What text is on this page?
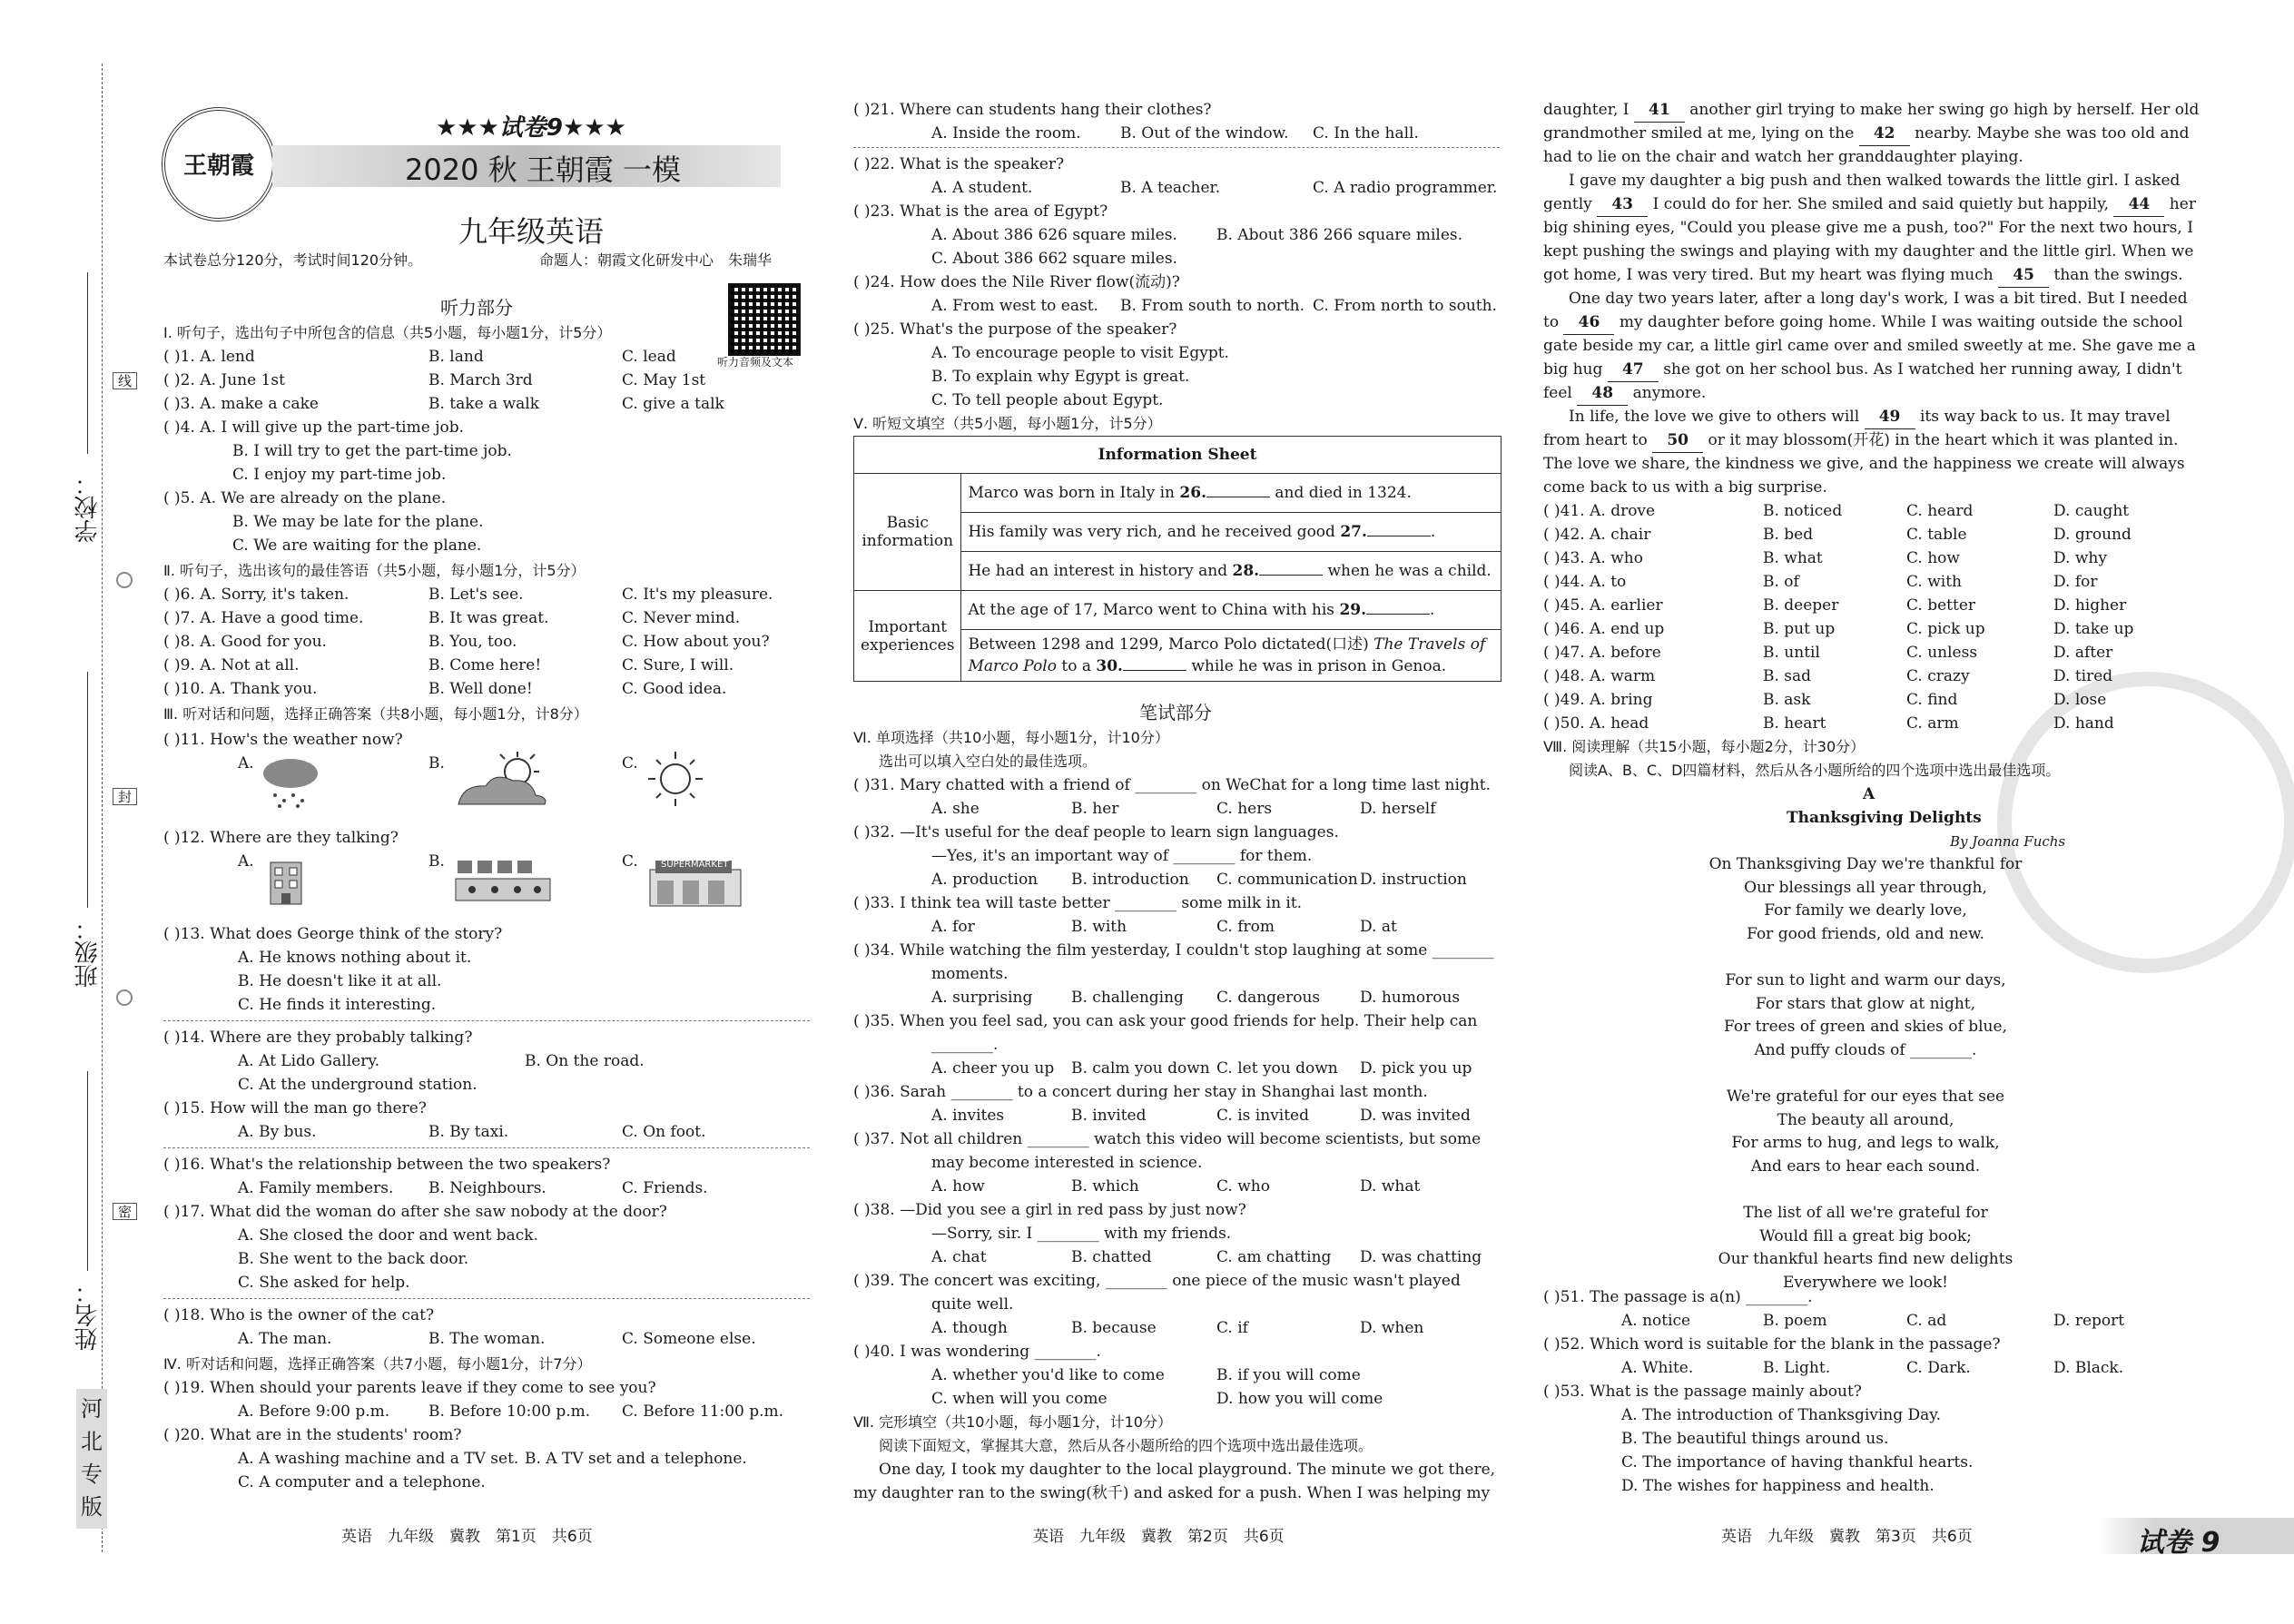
学校：
班级：
姓名：
线
封
密
河
北
专
版
王朝霞
★★★试卷9★★★
2020 秋 王朝霞 一模
九年级英语
本试卷总分120分，考试时间120分钟。	命题人：朝霞文化研发中心　朱瑞华
听力音频及文本
听力部分
Ⅰ. 听句子，选出句子中所包含的信息（共5小题，每小题1分，计5分）
( )1. A. lend	B. land	C. lead
( )2. A. June 1st	B. March 3rd	C. May 1st
( )3. A. make a cake	B. take a walk	C. give a talk
( )4. A. I will give up the part-time job.
B. I will try to get the part-time job.
C. I enjoy my part-time job.
( )5. A. We are already on the plane.
B. We may be late for the plane.
C. We are waiting for the plane.
Ⅱ. 听句子，选出该句的最佳答语（共5小题，每小题1分，计5分）
( )6. A. Sorry, it's taken.	B. Let's see.	C. It's my pleasure.
( )7. A. Have a good time.	B. It was great.	C. Never mind.
( )8. A. Good for you.	B. You, too.	C. How about you?
( )9. A. Not at all.	B. Come here!	C. Sure, I will.
( )10. A. Thank you.	B. Well done!	C. Good idea.
Ⅲ. 听对话和问题，选择正确答案（共8小题，每小题1分，计8分）
( )11. How's the weather now?
A.	B.	C.
( )12. Where are they talking?
A.	B.	C.	SUPERMARKET
( )13. What does George think of the story?
A. He knows nothing about it.
B. He doesn't like it at all.
C. He finds it interesting.
( )14. Where are they probably talking?
A. At Lido Gallery.	B. On the road.
C. At the underground station.
( )15. How will the man go there?
A. By bus.	B. By taxi.	C. On foot.
( )16. What's the relationship between the two speakers?
A. Family members. B. Neighbours.	C. Friends.
( )17. What did the woman do after she saw nobody at the door?
A. She closed the door and went back.
B. She went to the back door.
C. She asked for help.
( )18. Who is the owner of the cat?
A. The man.	B. The woman.	C. Someone else.
Ⅳ. 听对话和问题，选择正确答案（共7小题，每小题1分，计7分）
( )19. When should your parents leave if they come to see you?
A. Before 9:00 p.m.	B. Before 10:00 p.m. C. Before 11:00 p.m.
( )20. What are in the students' room?
A. A washing machine and a TV set. B. A TV set and a telephone.
C. A computer and a telephone.
英语　九年级　冀教　第1页　共6页
( )21. Where can students hang their clothes?
A. Inside the room.	B. Out of the window. C. In the hall.
( )22. What is the speaker?
A. A student.	B. A teacher.	C. A radio programmer.
( )23. What is the area of Egypt?
A. About 386 626 square miles.	B. About 386 266 square miles.
C. About 386 662 square miles.
( )24. How does the Nile River flow(流动)?
A. From west to east. B. From south to north. C. From north to south.
( )25. What's the purpose of the speaker?
A. To encourage people to visit Egypt.
B. To explain why Egypt is great.
C. To tell people about Egypt.
Ⅴ. 听短文填空（共5小题，每小题1分，计5分）
Information Sheet	
Basic information	Marco was born in Italy in 26. and died in 1324.
	His family was very rich, and he received good 27. .
	He had an interest in history and 28. when he was a child.
Important experiences	At the age of 17, Marco went to China with his 29. .
	Between 1298 and 1299, Marco Polo dictated(口述) The Travels of Marco Polo to a 30. while he was in prison in Genoa.
笔试部分
Ⅵ. 单项选择（共10小题，每小题1分，计10分）
选出可以填入空白处的最佳选项。
( )31. Mary chatted with a friend of ________ on WeChat for a long time last night.
A. she	B. her	C. hers	D. herself
( )32. —It's useful for the deaf people to learn sign languages.
—Yes, it's an important way of ________ for them.
A. production B. introduction C. communication D. instruction
( )33. I think tea will taste better ________ some milk in it.
A. for	B. with	C. from	D. at
( )34. While watching the film yesterday, I couldn't stop laughing at some ________
moments.
A. surprising	B. challenging C. dangerous	D. humorous
( )35. When you feel sad, you can ask your good friends for help. Their help can
________.
A. cheer you up B. calm you down C. let you down D. pick you up
( )36. Sarah ________ to a concert during her stay in Shanghai last month.
A. invites	B. invited	C. is invited	D. was invited
( )37. Not all children ________ watch this video will become scientists, but some
may become interested in science.
A. how	B. which	C. who	D. what
( )38. —Did you see a girl in red pass by just now?
—Sorry, sir. I ________ with my friends.
A. chat	B. chatted	C. am chatting D. was chatting
( )39. The concert was exciting, ________ one piece of the music wasn't played
quite well.
A. though	B. because	C. if	D. when
( )40. I was wondering ________.
A. whether you'd like to come	B. if you will come
C. when will you come	D. how you will come
Ⅶ. 完形填空（共10小题，每小题1分，计10分）
阅读下面短文，掌握其大意，然后从各小题所给的四个选项中选出最佳选项。
One day, I took my daughter to the local playground. The minute we got there,
my daughter ran to the swing(秋千) and asked for a push. When I was helping my
英语　九年级　冀教　第2页　共6页
daughter, I 41 another girl trying to make her swing go high by herself. Her old
grandmother smiled at me, lying on the 42 nearby. Maybe she was too old and
had to lie on the chair and watch her granddaughter playing.
I gave my daughter a big push and then walked towards the little girl. I asked
gently 43 I could do for her. She smiled and said quietly but happily, 44 her
big shining eyes, "Could you please give me a push, too?" For the next two hours, I
kept pushing the swings and playing with my daughter and the little girl. When we
got home, I was very tired. But my heart was flying much 45 than the swings.
One day two years later, after a long day's work, I was a bit tired. But I needed
to 46 my daughter before going home. While I was waiting outside the school
gate beside my car, a little girl came over and smiled sweetly at me. She gave me a
big hug 47 she got on her school bus. As I watched her running away, I didn't
feel 48 anymore.
In life, the love we give to others will 49 its way back to us. It may travel
from heart to 50 or it may blossom(开花) in the heart which it was planted in.
The love we share, the kindness we give, and the happiness we create will always
come back to us with a big surprise.
( )41. A. drove	B. noticed	C. heard	D. caught
( )42. A. chair	B. bed	C. table	D. ground
( )43. A. who	B. what	C. how	D. why
( )44. A. to	B. of	C. with	D. for
( )45. A. earlier	B. deeper	C. better	D. higher
( )46. A. end up	B. put up	C. pick up	D. take up
( )47. A. before	B. until	C. unless	D. after
( )48. A. warm	B. sad	C. crazy	D. tired
( )49. A. bring	B. ask	C. find	D. lose
( )50. A. head	B. heart	C. arm	D. hand
Ⅷ. 阅读理解（共15小题，每小题2分，计30分）
阅读A、B、C、D四篇材料，然后从各小题所给的四个选项中选出最佳选项。
A
Thanksgiving Delights
By Joanna Fuchs
On Thanksgiving Day we're thankful for
Our blessings all year through,
For family we dearly love,
For good friends, old and new.
For sun to light and warm our days,
For stars that glow at night,
For trees of green and skies of blue,
And puffy clouds of ________.
We're grateful for our eyes that see
The beauty all around,
For arms to hug, and legs to walk,
And ears to hear each sound.
The list of all we're grateful for
Would fill a great big book;
Our thankful hearts find new delights
Everywhere we look!
( )51. The passage is a(n) ________.
A. notice	B. poem	C. ad	D. report
( )52. Which word is suitable for the blank in the passage?
A. White.	B. Light.	C. Dark.	D. Black.
( )53. What is the passage mainly about?
A. The introduction of Thanksgiving Day.
B. The beautiful things around us.
C. The importance of having thankful hearts.
D. The wishes for happiness and health.
英语　九年级　冀教　第3页　共6页	试卷 9
